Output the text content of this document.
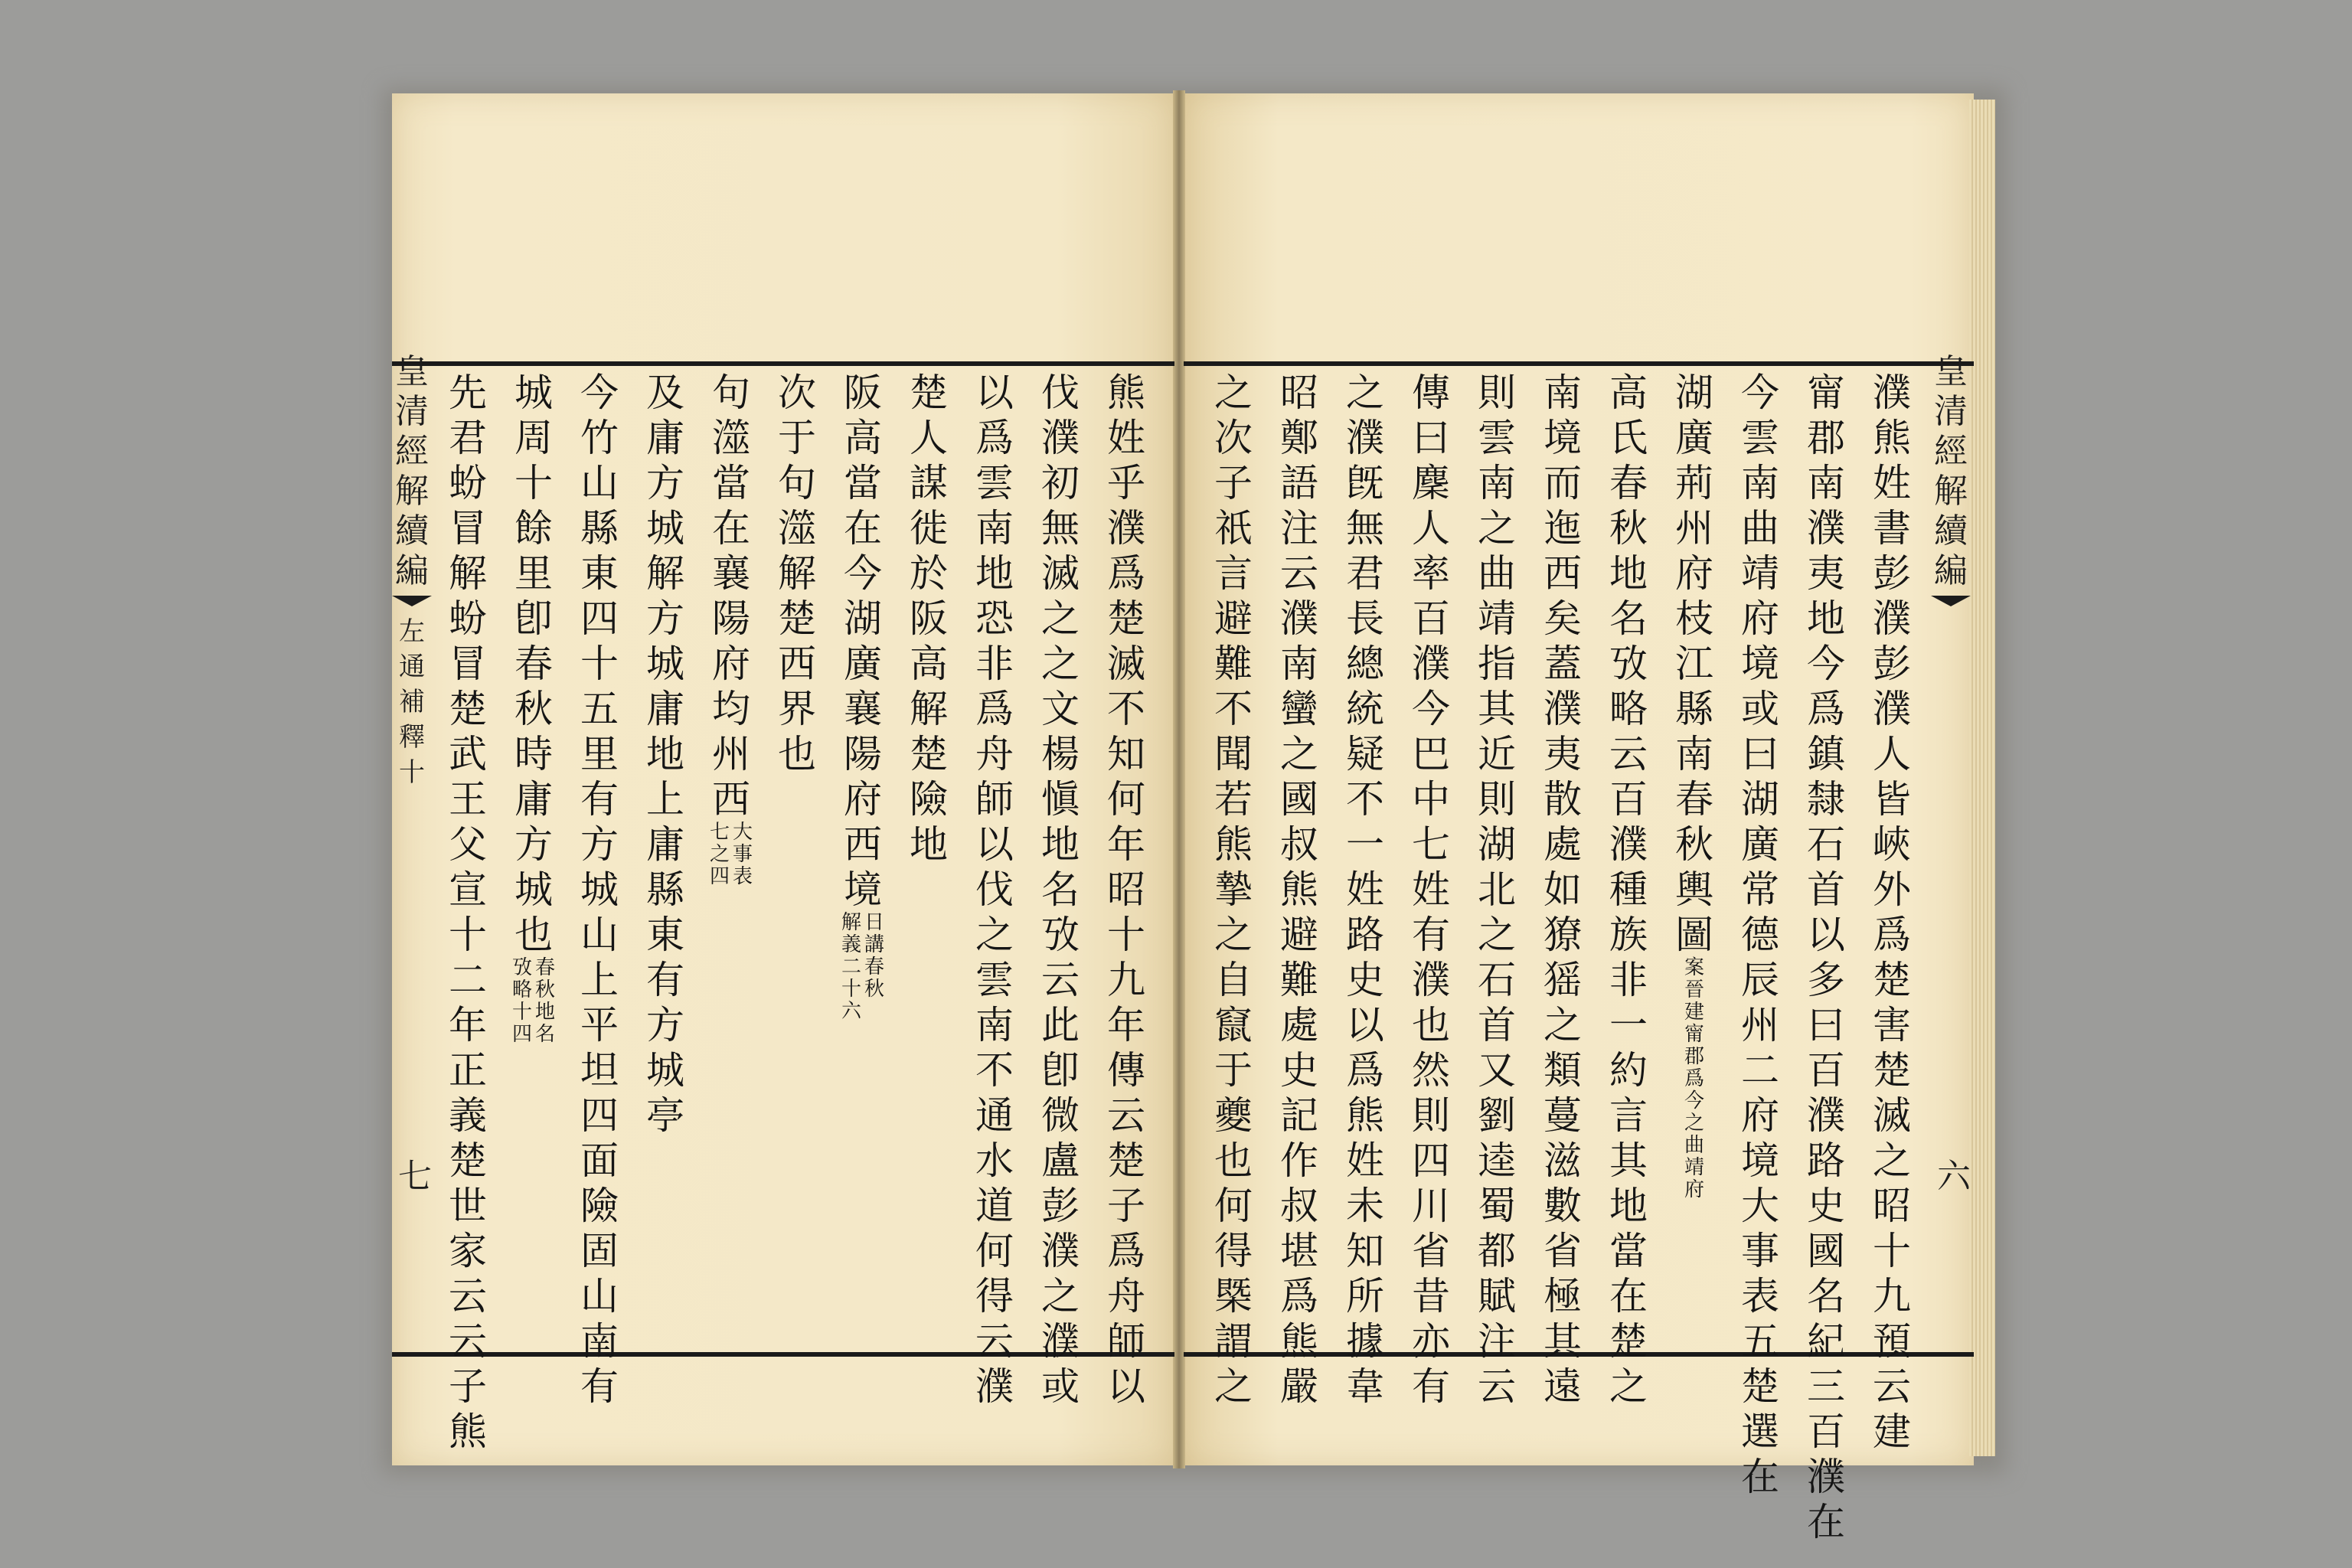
皇
清
經
解
續
編
左
通
補
釋
十
皇
清
經
解
續
編
七	六
熊
姓
乎
濮
爲
楚
滅
不
知
何
年
昭
十
九
年
傳
云
楚
子
爲
舟
師
以
伐
濮
初
無
滅
之
之
文
楊
愼
地
名
攷
云
此
卽
微
盧
彭
濮
之
濮
或
以
爲
雲
南
地
恐
非
爲
舟
師
以
伐
之
雲
南
不
通
水
道
何
得
云
濮
楚
人
謀
徙
於
阪
高
解
楚
險
地
阪
高
當
在
今
湖
廣
襄
陽
府
西
境
日
講
春
秋
解
義
二
十
六
次
于
句
澨
解
楚
西
界
也
句
澨
當
在
襄
陽
府
均
州
西
大
事
表
七
之
四
及
庸
方
城
解
方
城
庸
地
上
庸
縣
東
有
方
城
亭
今
竹
山
縣
東
四
十
五
里
有
方
城
山
上
平
坦
四
面
險
固
山
南
有
城
周
十
餘
里
卽
春
秋
時
庸
方
城
也
春
秋
地
名
攷
略
十
四
先
君
蚡
冒
解
蚡
冒
楚
武
王
父
宣
十
二
年
正
義
楚
世
家
云
云
子
熊
濮
熊
姓
書
彭
濮
彭
濮
人
皆
峽
外
爲
楚
害
楚
滅
之
昭
十
九
預
云
建
甯
郡
南
濮
夷
地
今
爲
鎮
隸
石
首
以
多
曰
百
濮
路
史
國
名
紀
三
百
濮
在
今
雲
南
曲
靖
府
境
或
曰
湖
廣
常
德
辰
州
二
府
境
大
事
表
五
楚
選
在
湖
廣
荊
州
府
枝
江
縣
南
春
秋
輿
圖
案
晉
建
甯
郡
爲
今
之
曲
靖
府
高
氏
春
秋
地
名
攷
略
云
百
濮
種
族
非
一
約
言
其
地
當
在
楚
之
南
境
而
迤
西
矣
蓋
濮
夷
散
處
如
獠
猺
之
類
蔓
滋
數
省
極
其
遠
則
雲
南
之
曲
靖
指
其
近
則
湖
北
之
石
首
又
劉
逵
蜀
都
賦
注
云
傳
曰
麇
人
率
百
濮
今
巴
中
七
姓
有
濮
也
然
則
四
川
省
昔
亦
有
之
濮
旣
無
君
長
總
統
疑
不
一
姓
路
史
以
爲
熊
姓
未
知
所
據
韋
昭
鄭
語
注
云
濮
南
蠻
之
國
叔
熊
避
難
處
史
記
作
叔
堪
爲
熊
嚴
之
次
子
祇
言
避
難
不
聞
若
熊
摯
之
自
竄
于
夔
也
何
得
槩
謂
之
